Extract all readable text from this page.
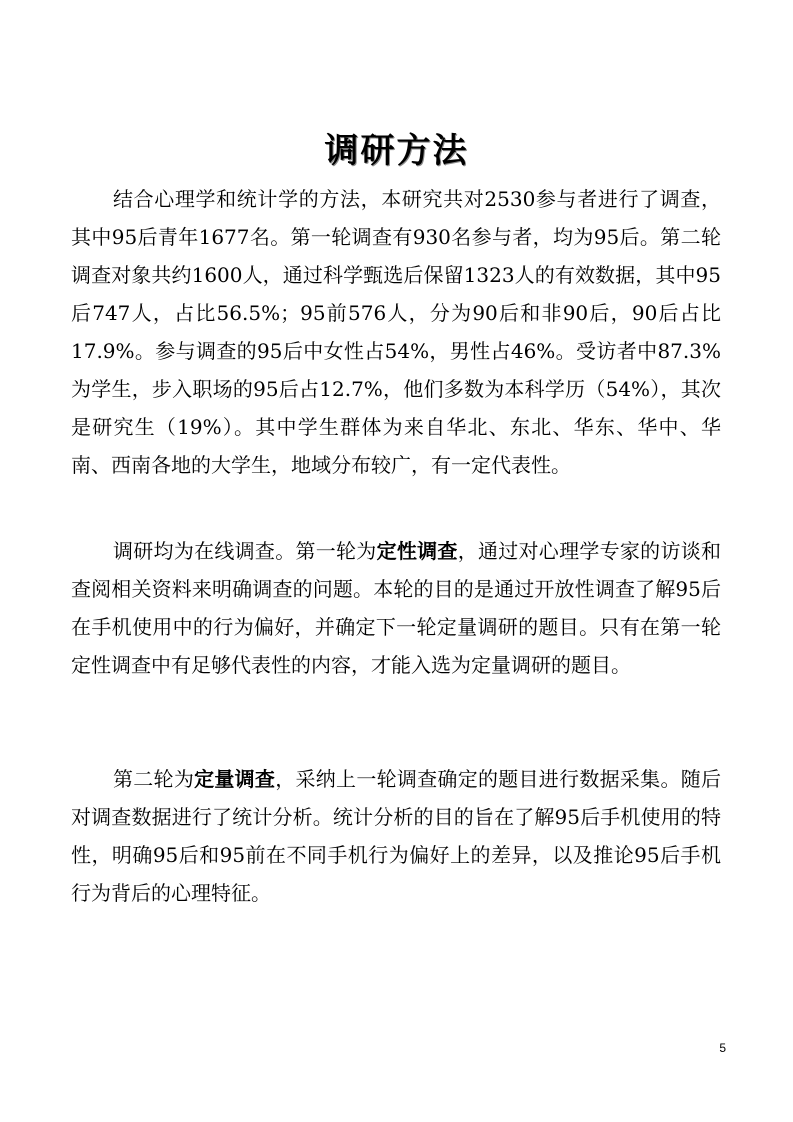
调研方法

结合心理学和统计学的方法，本研究共对2530参与者进行了调查，其中95后青年1677名。第一轮调查有930名参与者，均为95后。第二轮调查对象共约1600人，通过科学甄选后保留1323人的有效数据，其中95后747人，占比56.5%；95前576人，分为90后和非90后，90后占比17.9%。参与调查的95后中女性占54%，男性占46%。受访者中87.3%为学生，步入职场的95后占12.7%，他们多数为本科学历（54%），其次是研究生（19%）。其中学生群体为来自华北、东北、华东、华中、华南、西南各地的大学生，地域分布较广，有一定代表性。

调研均为在线调查。第一轮为定性调查，通过对心理学专家的访谈和查阅相关资料来明确调查的问题。本轮的目的是通过开放性调查了解95后在手机使用中的行为偏好，并确定下一轮定量调研的题目。只有在第一轮定性调查中有足够代表性的内容，才能入选为定量调研的题目。

第二轮为定量调查，采纳上一轮调查确定的题目进行数据采集。随后对调查数据进行了统计分析。统计分析的目的旨在了解95后手机使用的特性，明确95后和95前在不同手机行为偏好上的差异，以及推论95后手机行为背后的心理特征。

5
